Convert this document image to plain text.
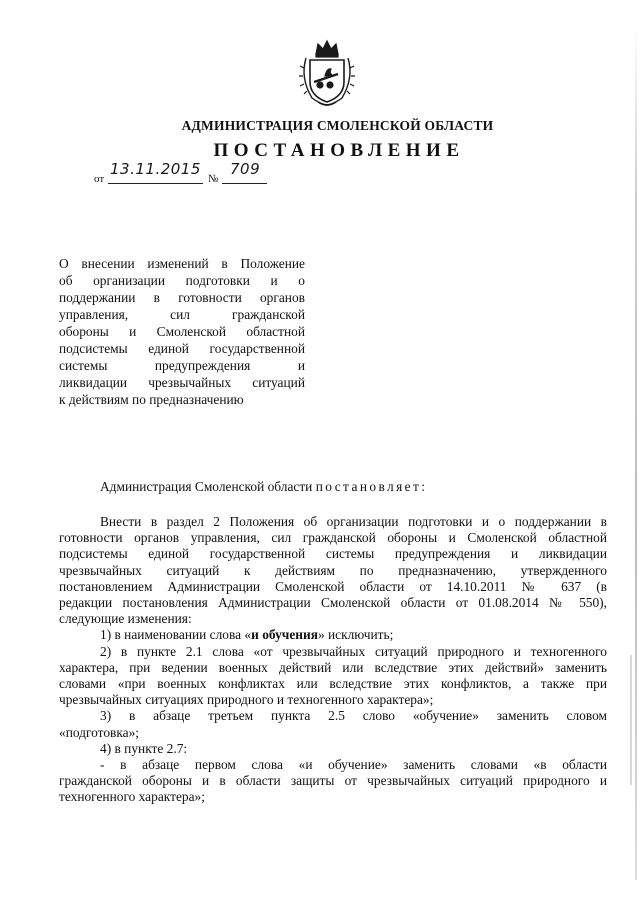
АДМИНИСТРАЦИЯ СМОЛЕНСКОЙ ОБЛАСТИ
ПОСТАНОВЛЕНИЕ
от
13.11.2015
№
709
О внесении изменений в Положение
об организации подготовки и о
поддержании в готовности органов
управления, сил гражданской
обороны и Смоленской областной
подсистемы единой государственной
системы предупреждения и
ликвидации чрезвычайных ситуаций
к действиям по предназначению
Администрация Смоленской области постановляет:
Внести в раздел 2 Положения об организации подготовки и о поддержании в
готовности органов управления, сил гражданской обороны и Смоленской областной
подсистемы единой государственной системы предупреждения и ликвидации
чрезвычайных ситуаций к действиям по предназначению, утвержденного
постановлением Администрации Смоленской области от 14.10.2011 № 637 (в
редакции постановления Администрации Смоленской области от 01.08.2014 № 550),
следующие изменения:
1) в наименовании слова «и обучения» исключить;
2) в пункте 2.1 слова «от чрезвычайных ситуаций природного и техногенного
характера, при ведении военных действий или вследствие этих действий» заменить
словами «при военных конфликтах или вследствие этих конфликтов, а также при
чрезвычайных ситуациях природного и техногенного характера»;
3) в абзаце третьем пункта 2.5 слово «обучение» заменить словом
«подготовка»;
4) в пункте 2.7:
- в абзаце первом слова «и обучение» заменить словами «в области
гражданской обороны и в области защиты от чрезвычайных ситуаций природного и
техногенного характера»;
